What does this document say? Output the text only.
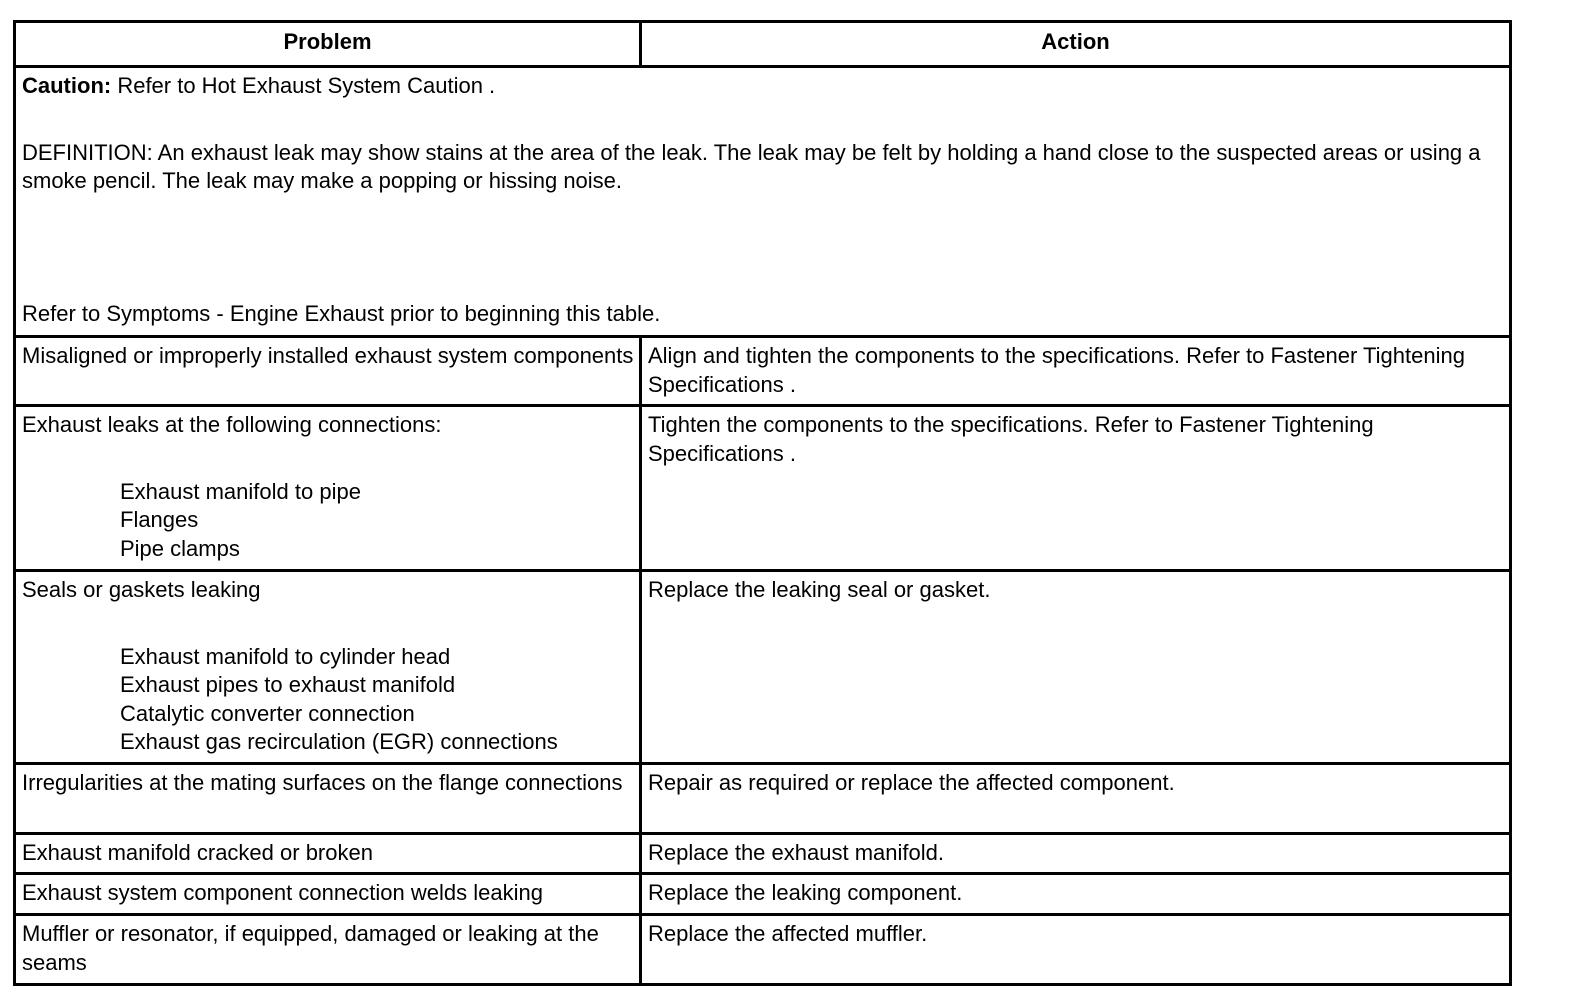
Problem	Action

Caution: Refer to Hot Exhaust System Caution .

DEFINITION: An exhaust leak may show stains at the area of the leak. The leak may be felt by holding a hand close to the suspected areas or using a smoke pencil. The leak may make a popping or hissing noise.

Refer to Symptoms - Engine Exhaust prior to beginning this table.	

Misaligned or improperly installed exhaust system components	Align and tighten the components to the specifications. Refer to Fastener Tightening Specifications .

Exhaust leaks at the following connections:

Exhaust manifold to pipe

Flanges

Pipe clamps	Tighten the components to the specifications. Refer to Fastener Tightening Specifications .

Seals or gaskets leaking

Exhaust manifold to cylinder head

Exhaust pipes to exhaust manifold

Catalytic converter connection

Exhaust gas recirculation (EGR) connections	Replace the leaking seal or gasket.
Irregularities at the mating surfaces on the flange connections	Repair as required or replace the affected component.
Exhaust manifold cracked or broken	Replace the exhaust manifold.
Exhaust system component connection welds leaking	Replace the leaking component.
Muffler or resonator, if equipped, damaged or leaking at the seams	Replace the affected muffler.
